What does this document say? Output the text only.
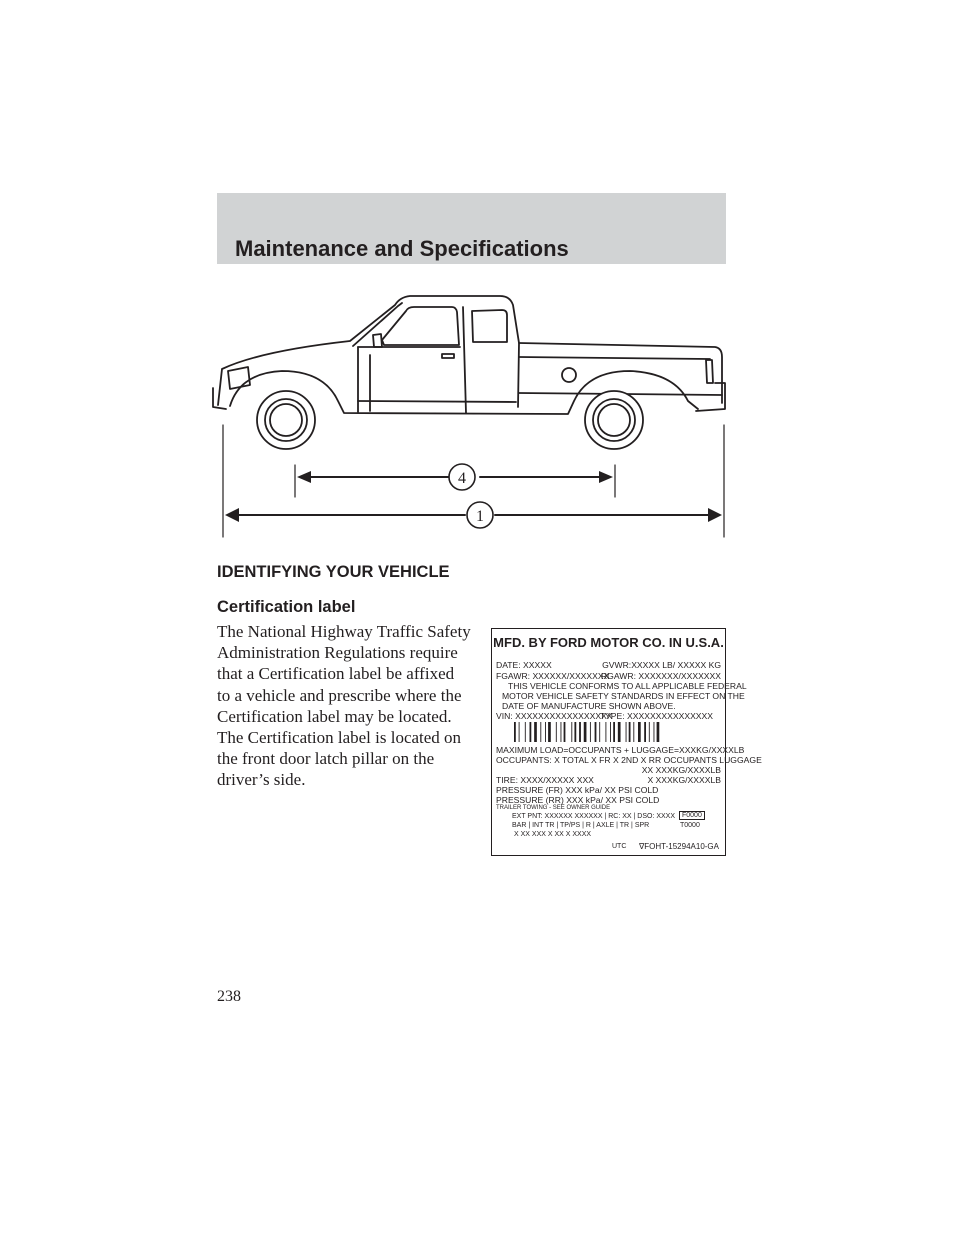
Maintenance and Specifications
4
1
IDENTIFYING YOUR VEHICLE
Certification label
The National Highway Traffic Safety
Administration Regulations require
that a Certification label be affixed
to a vehicle and prescribe where the
Certification label may be located.
The Certification label is located on
the front door latch pillar on the
driver’s side.
MFD. BY FORD MOTOR CO. IN U.S.A.
DATE: XXXXX	GVWR:XXXXX LB/ XXXXX KG
FGAWR: XXXXXX/XXXXXXX
RGAWR: XXXXXXX/XXXXXXX
THIS VEHICLE CONFORMS TO ALL APPLICABLE FEDERAL
MOTOR VEHICLE SAFETY STANDARDS IN EFFECT ON THE
DATE OF MANUFACTURE SHOWN ABOVE.
VIN: XXXXXXXXXXXXXXXXX
TYPE: XXXXXXXXXXXXXXX
MAXIMUM LOAD=OCCUPANTS + LUGGAGE=XXXKG/XXXXLB
OCCUPANTS: X TOTAL X FR X 2ND X RR OCCUPANTS LUGGAGE
XX XXXKG/XXXXLB
TIRE: XXXX/XXXXX XXX	X XXXKG/XXXXLB
PRESSURE (FR) XXX kPa/ XX PSI COLD
PRESSURE (RR) XXX kPa/ XX PSI COLD
TRAILER TOWING - SEE OWNER GUIDE
EXT PNT: XXXXXX XXXXXX | RC: XX | DSO: XXXX F0000
BAR | INT TR | TP/PS | R | AXLE | TR | SPR	T0000
X XX XXX X XX X XXXX
UTC ∇FOHT-15294A10-GA
238
